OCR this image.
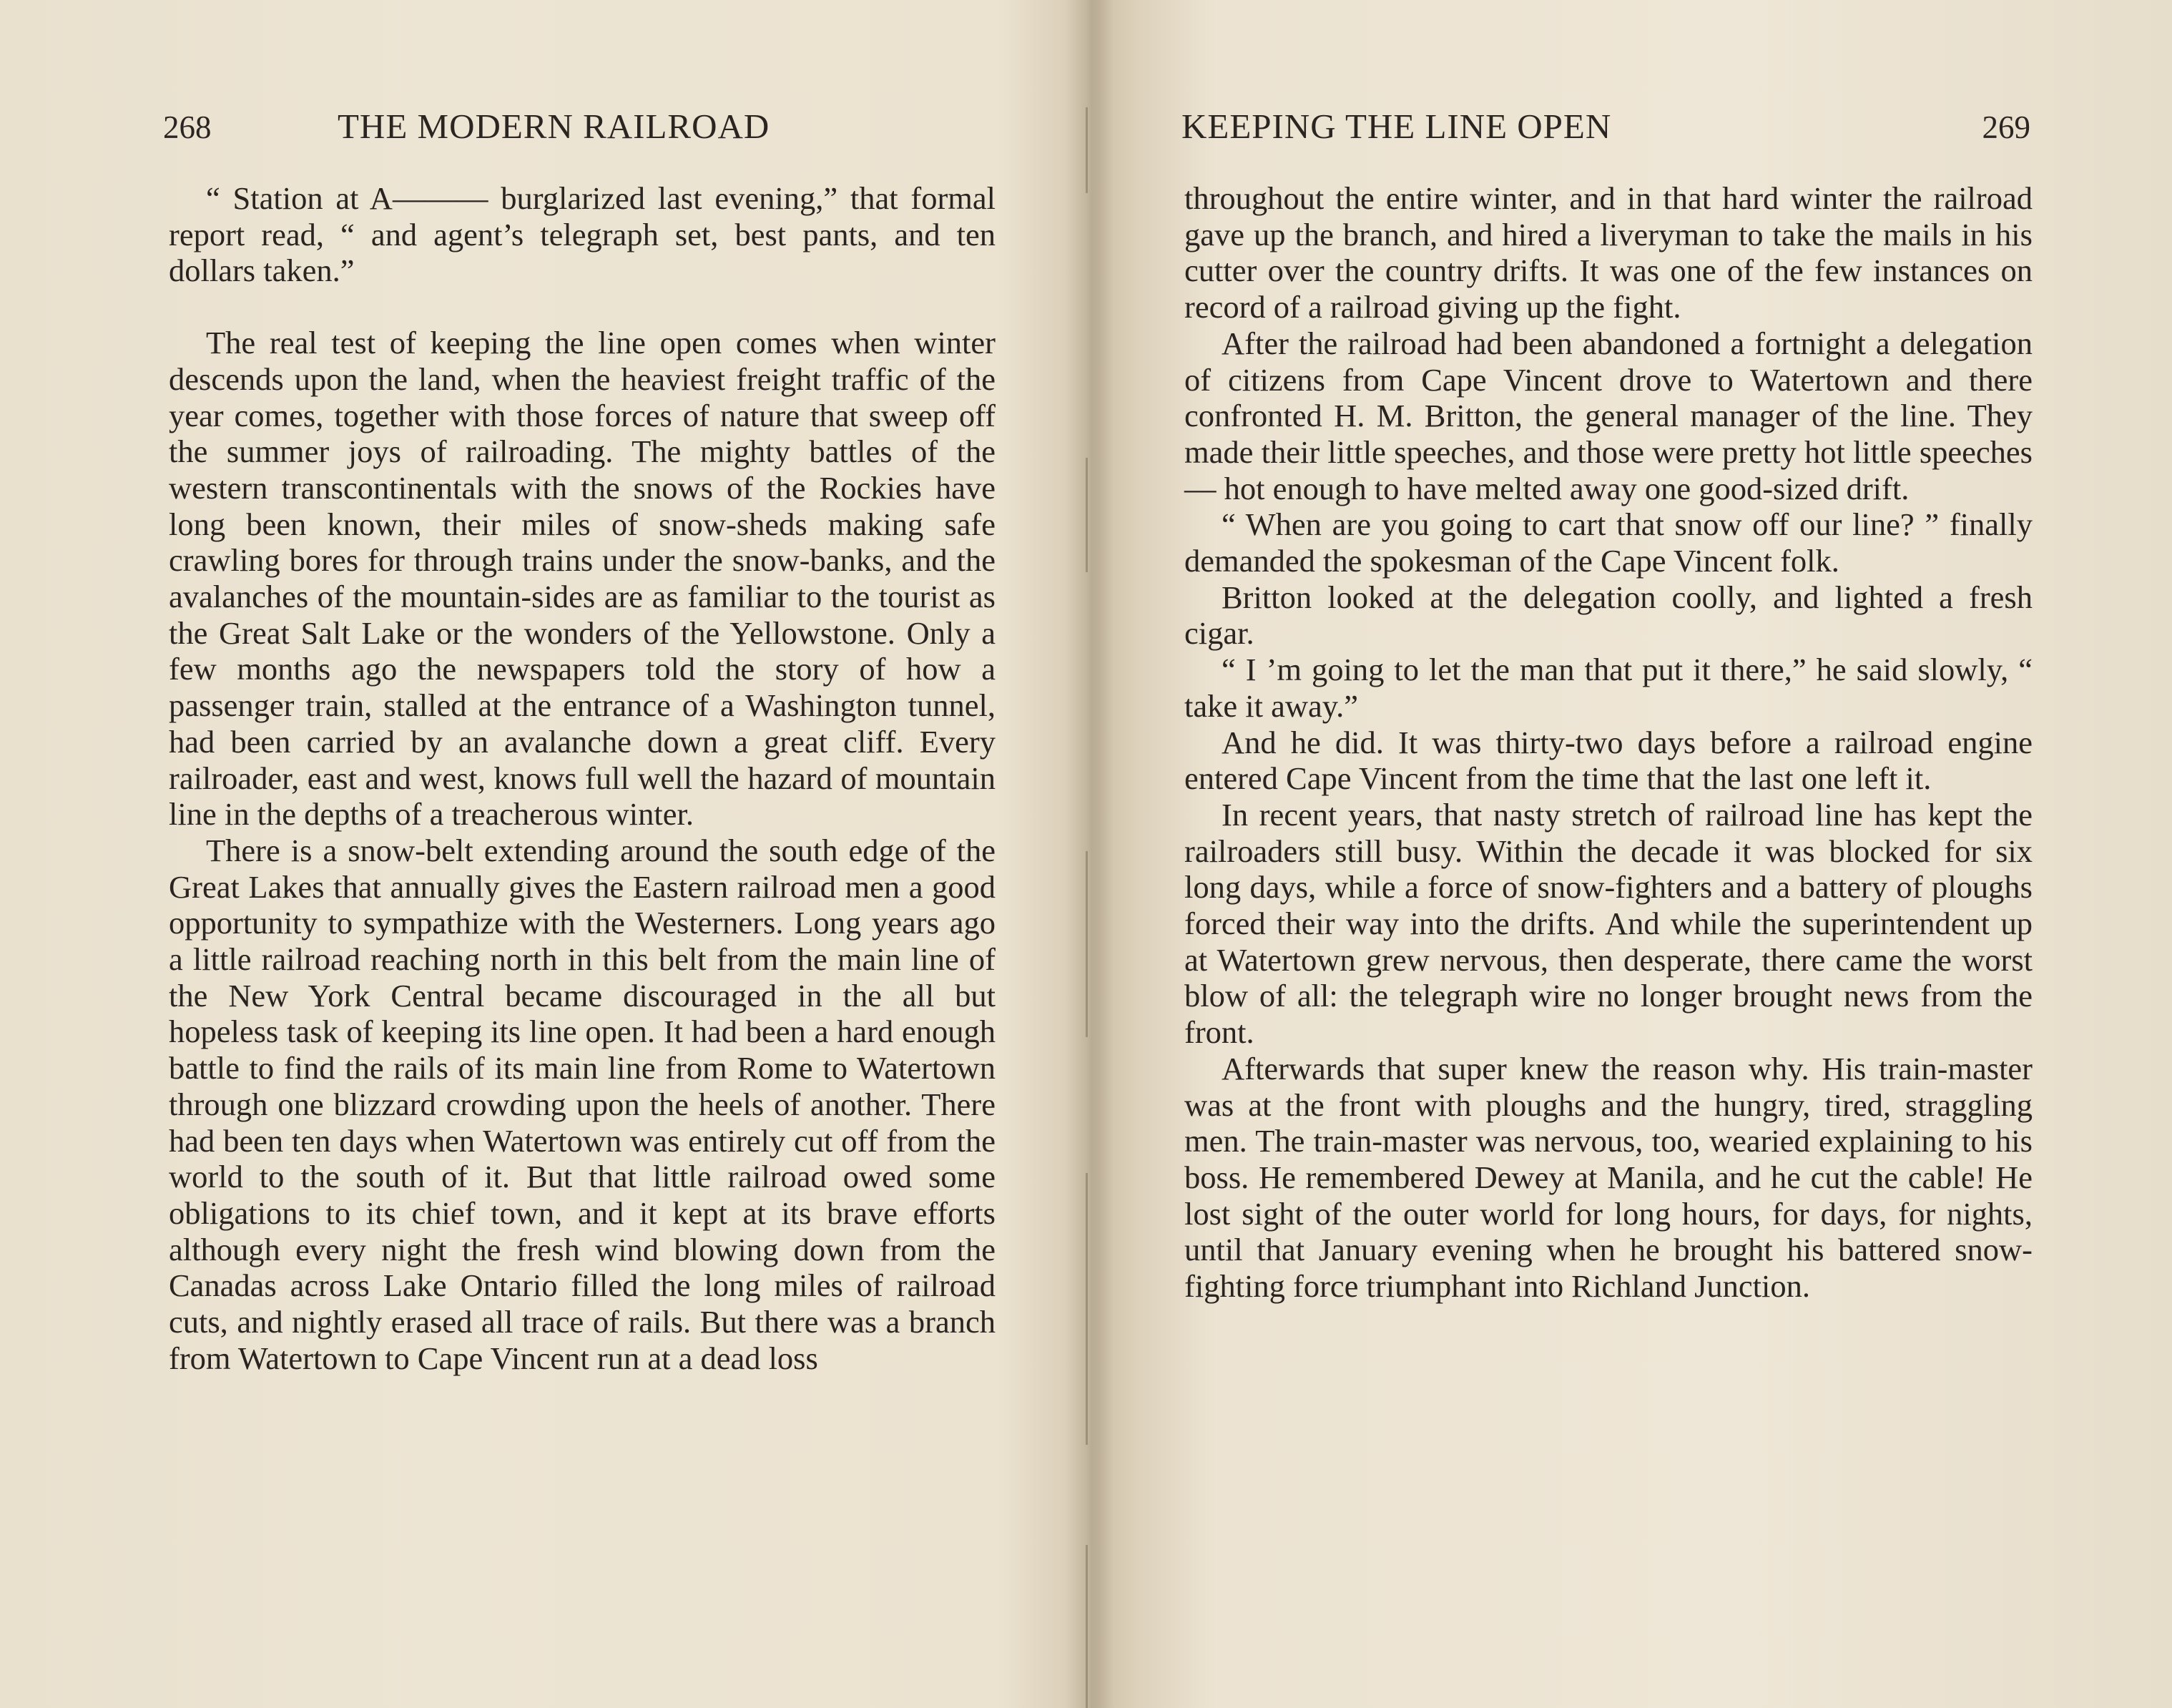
268	THE MODERN RAILROAD

“ Station at A——— burglarized last evening,” that formal report read, “ and agent’s telegraph set, best pants, and ten dollars taken.”

The real test of keeping the line open comes when winter descends upon the land, when the heaviest freight traffic of the year comes, together with those forces of nature that sweep off the summer joys of railroading. The mighty battles of the western transcontinentals with the snows of the Rockies have long been known, their miles of snow-sheds making safe crawling bores for through trains under the snow-banks, and the avalanches of the mountain-sides are as familiar to the tourist as the Great Salt Lake or the wonders of the Yellowstone. Only a few months ago the newspapers told the story of how a passenger train, stalled at the entrance of a Washington tunnel, had been carried by an avalanche down a great cliff. Every railroader, east and west, knows full well the hazard of mountain line in the depths of a treacherous winter.

There is a snow-belt extending around the south edge of the Great Lakes that annually gives the Eastern railroad men a good opportunity to sympathize with the Westerners. Long years ago a little railroad reaching north in this belt from the main line of the New York Central became discouraged in the all but hopeless task of keeping its line open. It had been a hard enough battle to find the rails of its main line from Rome to Watertown through one blizzard crowding upon the heels of another. There had been ten days when Watertown was entirely cut off from the world to the south of it. But that little railroad owed some obligations to its chief town, and it kept at its brave efforts although every night the fresh wind blowing down from the Canadas across Lake Ontario filled the long miles of railroad cuts, and nightly erased all trace of rails. But there was a branch from Watertown to Cape Vincent run at a dead loss

KEEPING THE LINE OPEN	269

throughout the entire winter, and in that hard winter the railroad gave up the branch, and hired a liveryman to take the mails in his cutter over the country drifts. It was one of the few instances on record of a railroad giving up the fight.

After the railroad had been abandoned a fortnight a delegation of citizens from Cape Vincent drove to Watertown and there confronted H. M. Britton, the general manager of the line. They made their little speeches, and those were pretty hot little speeches — hot enough to have melted away one good-sized drift.

“ When are you going to cart that snow off our line? ” finally demanded the spokesman of the Cape Vincent folk.

Britton looked at the delegation coolly, and lighted a fresh cigar.

“ I ’m going to let the man that put it there,” he said slowly, “ take it away.”

And he did. It was thirty-two days before a railroad engine entered Cape Vincent from the time that the last one left it.

In recent years, that nasty stretch of railroad line has kept the railroaders still busy. Within the decade it was blocked for six long days, while a force of snow-fighters and a battery of ploughs forced their way into the drifts. And while the superintendent up at Watertown grew nervous, then desperate, there came the worst blow of all: the telegraph wire no longer brought news from the front.

Afterwards that super knew the reason why. His train-master was at the front with ploughs and the hungry, tired, straggling men. The train-master was nervous, too, wearied explaining to his boss. He remembered Dewey at Manila, and he cut the cable! He lost sight of the outer world for long hours, for days, for nights, until that January evening when he brought his battered snow-fighting force triumphant into Richland Junction.
